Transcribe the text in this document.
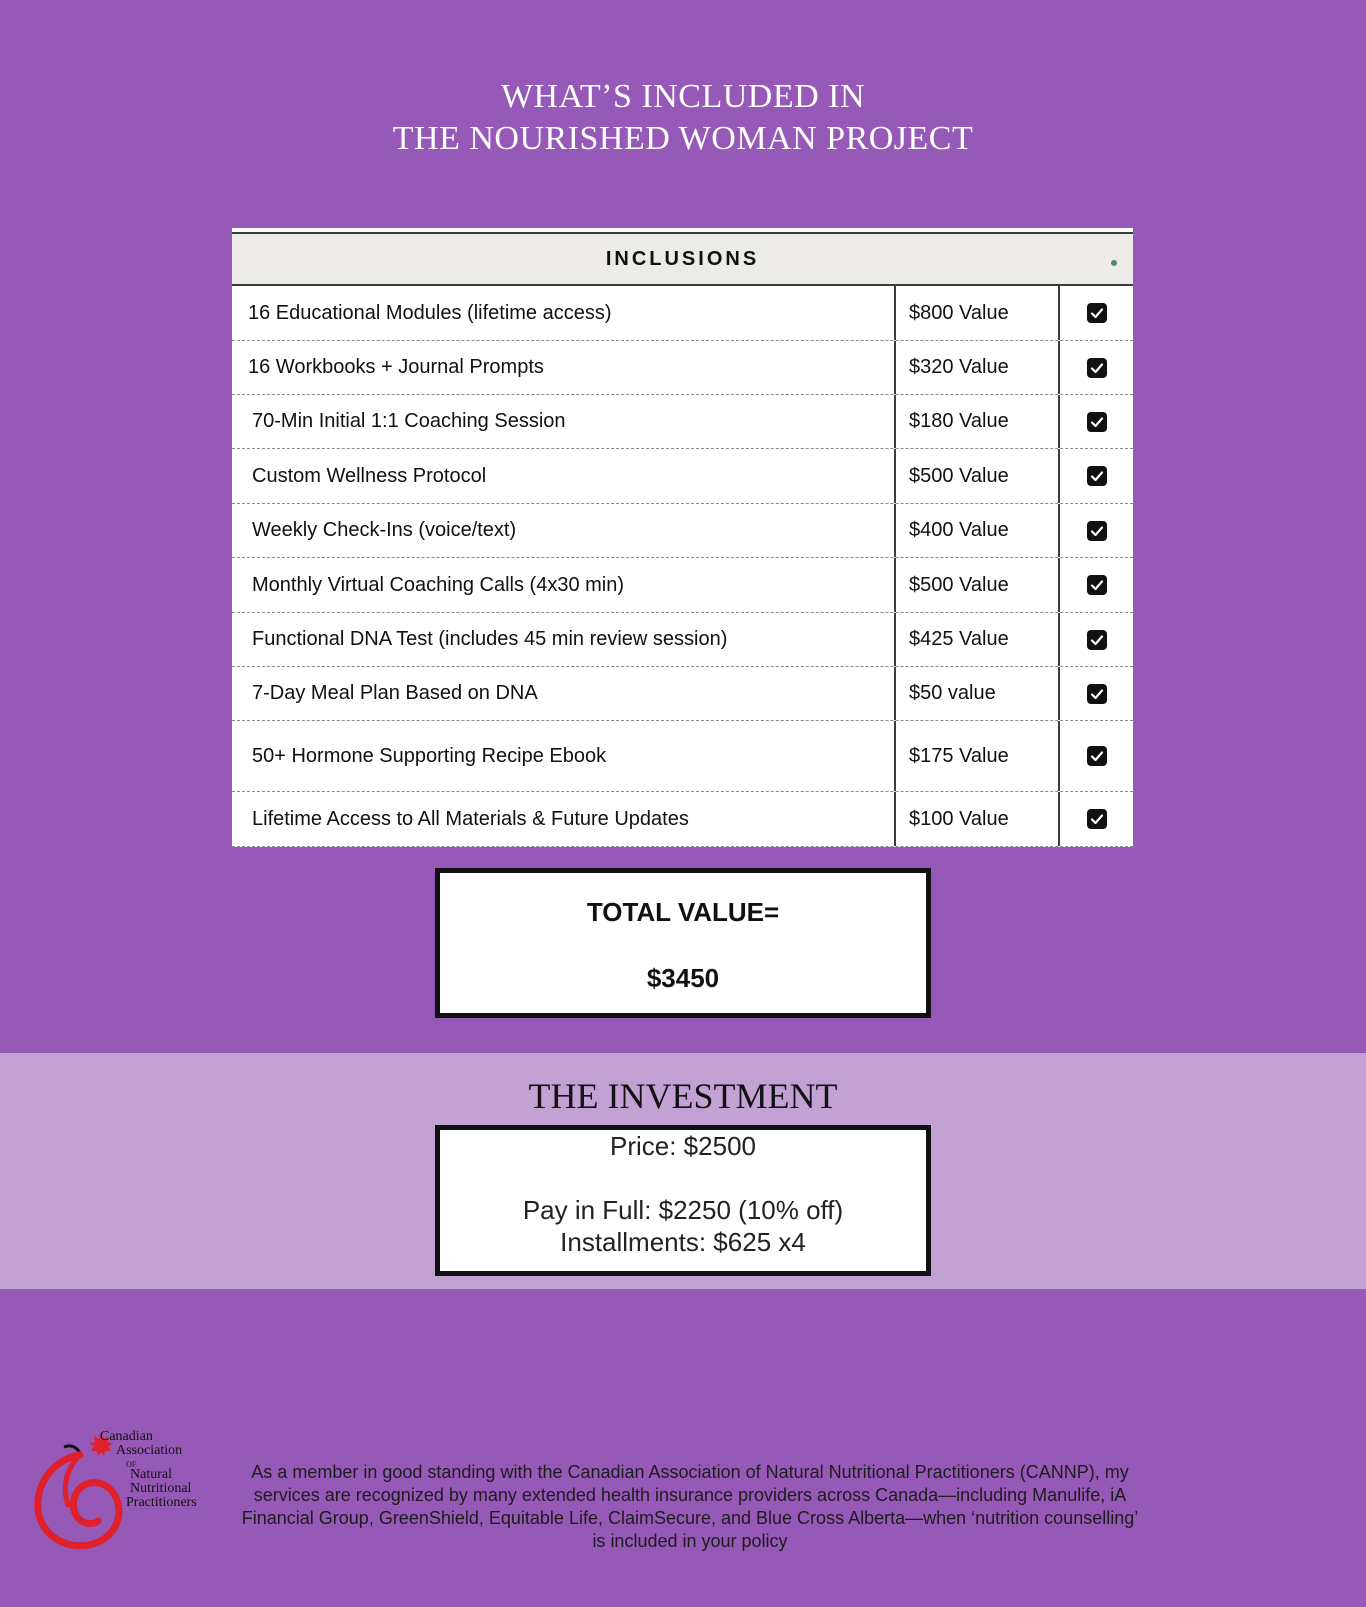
WHAT’S INCLUDED IN
THE NOURISHED WOMAN PROJECT
INCLUSIONS
16 Educational Modules (lifetime access)	$800 Value
16 Workbooks + Journal Prompts	$320 Value
70-Min Initial 1:1 Coaching Session	$180 Value
Custom Wellness Protocol	$500 Value
Weekly Check-Ins (voice/text)	$400 Value
Monthly Virtual Coaching Calls (4x30 min)	$500 Value
Functional DNA Test (includes 45 min review session)	$425 Value
7-Day Meal Plan Based on DNA	$50 value
50+ Hormone Supporting Recipe Ebook	$175 Value
Lifetime Access to All Materials & Future Updates	$100 Value
TOTAL VALUE=
$3450
THE INVESTMENT
Price: $2500
Pay in Full: $2250 (10% off)
Installments: $625 x4
Canadian
Association
OF
Natural
Nutritional
Practitioners
As a member in good standing with the Canadian Association of Natural Nutritional Practitioners (CANNP), my services are recognized by many extended health insurance providers across Canada—including Manulife, iA Financial Group, GreenShield, Equitable Life, ClaimSecure, and Blue Cross Alberta—when ‘nutrition counselling’ is included in your policy
